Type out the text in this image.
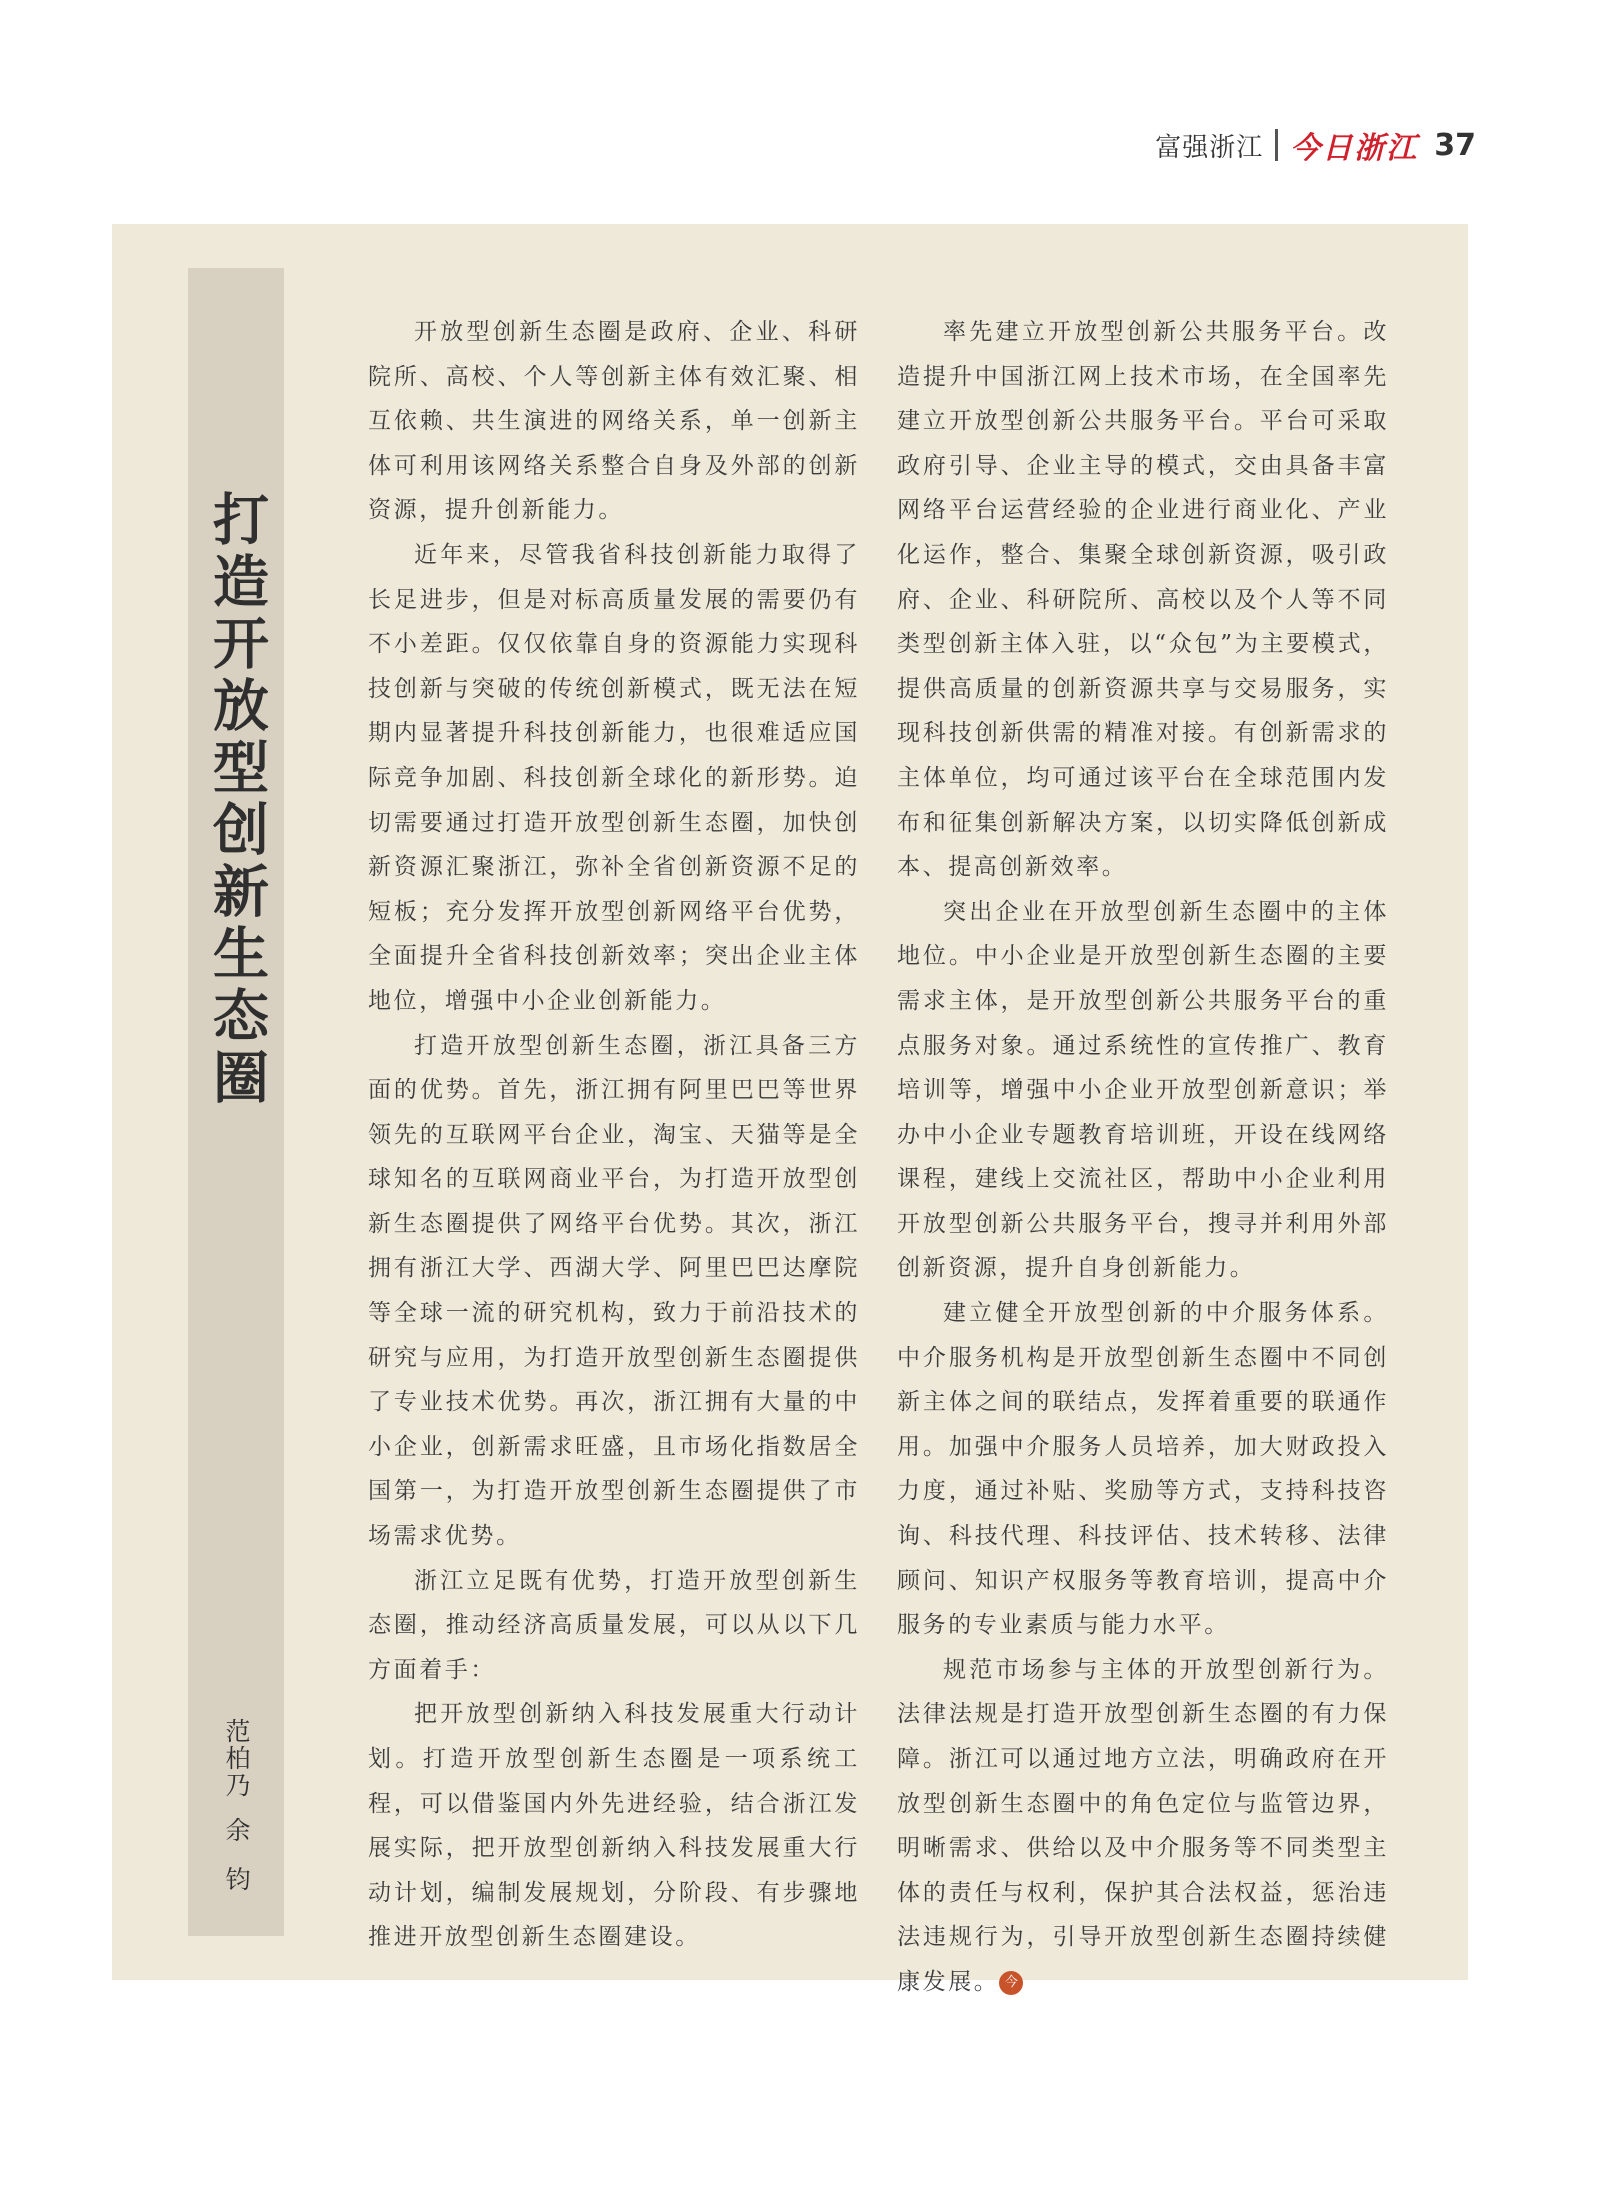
富强浙江 今日浙江 37
打造开放型创新生态圈
范柏乃
余钧

开放型创新生态圈是政府、企业、科研院所、高校、个人等创新主体有效汇聚、相互依赖、共生演进的网络关系，单一创新主体可利用该网络关系整合自身及外部的创新资源，提升创新能力。

近年来，尽管我省科技创新能力取得了长足进步，但是对标高质量发展的需要仍有不小差距。仅仅依靠自身的资源能力实现科技创新与突破的传统创新模式，既无法在短期内显著提升科技创新能力，也很难适应国际竞争加剧、科技创新全球化的新形势。迫切需要通过打造开放型创新生态圈，加快创新资源汇聚浙江，弥补全省创新资源不足的短板；充分发挥开放型创新网络平台优势，全面提升全省科技创新效率；突出企业主体地位，增强中小企业创新能力。

打造开放型创新生态圈，浙江具备三方面的优势。首先，浙江拥有阿里巴巴等世界领先的互联网平台企业，淘宝、天猫等是全球知名的互联网商业平台，为打造开放型创新生态圈提供了网络平台优势。其次，浙江拥有浙江大学、西湖大学、阿里巴巴达摩院等全球一流的研究机构，致力于前沿技术的研究与应用，为打造开放型创新生态圈提供了专业技术优势。再次，浙江拥有大量的中小企业，创新需求旺盛，且市场化指数居全国第一，为打造开放型创新生态圈提供了市场需求优势。

浙江立足既有优势，打造开放型创新生态圈，推动经济高质量发展，可以从以下几方面着手：

把开放型创新纳入科技发展重大行动计划。打造开放型创新生态圈是一项系统工程，可以借鉴国内外先进经验，结合浙江发展实际，把开放型创新纳入科技发展重大行动计划，编制发展规划，分阶段、有步骤地推进开放型创新生态圈建设。

率先建立开放型创新公共服务平台。改造提升中国浙江网上技术市场，在全国率先建立开放型创新公共服务平台。平台可采取政府引导、企业主导的模式，交由具备丰富网络平台运营经验的企业进行商业化、产业化运作，整合、集聚全球创新资源，吸引政府、企业、科研院所、高校以及个人等不同类型创新主体入驻，以“众包”为主要模式，提供高质量的创新资源共享与交易服务，实现科技创新供需的精准对接。有创新需求的主体单位，均可通过该平台在全球范围内发布和征集创新解决方案，以切实降低创新成本、提高创新效率。

突出企业在开放型创新生态圈中的主体地位。中小企业是开放型创新生态圈的主要需求主体，是开放型创新公共服务平台的重点服务对象。通过系统性的宣传推广、教育培训等，增强中小企业开放型创新意识；举办中小企业专题教育培训班，开设在线网络课程，建线上交流社区，帮助中小企业利用开放型创新公共服务平台，搜寻并利用外部创新资源，提升自身创新能力。

建立健全开放型创新的中介服务体系。中介服务机构是开放型创新生态圈中不同创新主体之间的联结点，发挥着重要的联通作用。加强中介服务人员培养，加大财政投入力度，通过补贴、奖励等方式，支持科技咨询、科技代理、科技评估、技术转移、法律顾问、知识产权服务等教育培训，提高中介服务的专业素质与能力水平。

规范市场参与主体的开放型创新行为。法律法规是打造开放型创新生态圈的有力保障。浙江可以通过地方立法，明确政府在开放型创新生态圈中的角色定位与监管边界，明晰需求、供给以及中介服务等不同类型主体的责任与权利，保护其合法权益，惩治违法违规行为，引导开放型创新生态圈持续健康发展。 今
